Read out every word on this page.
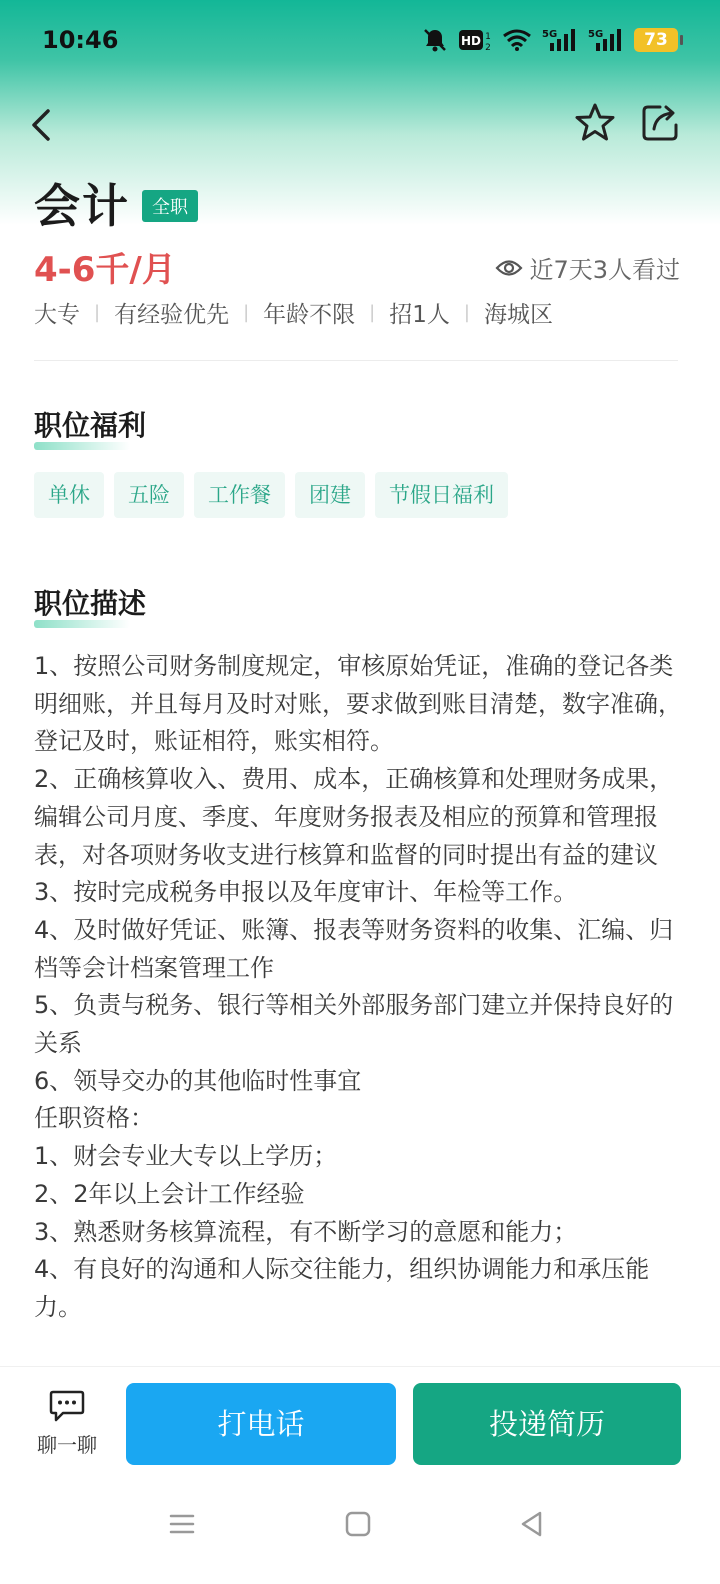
10:46	HD 1
2
5G	5G	73
会计	全职
4-6千/月	近7天3人看过
大专 | 有经验优先 | 年龄不限 | 招1人 | 海城区
职位福利
单休	五险	工作餐	团建	节假日福利
职位描述

1、按照公司财务制度规定，审核原始凭证，准确的登记各类明细账，并且每月及时对账，要求做到账目清楚，数字准确，登记及时，账证相符，账实相符。

2、正确核算收入、费用、成本，正确核算和处理财务成果，编辑公司月度、季度、年度财务报表及相应的预算和管理报表，对各项财务收支进行核算和监督的同时提出有益的建议

3、按时完成税务申报以及年度审计、年检等工作。

4、及时做好凭证、账簿、报表等财务资料的收集、汇编、归档等会计档案管理工作

5、负责与税务、银行等相关外部服务部门建立并保持良好的关系

6、领导交办的其他临时性事宜

任职资格：

1、财会专业大专以上学历；

2、2年以上会计工作经验

3、熟悉财务核算流程，有不断学习的意愿和能力；

4、有良好的沟通和人际交往能力，组织协调能力和承压能力。

聊一聊
打电话	投递简历
